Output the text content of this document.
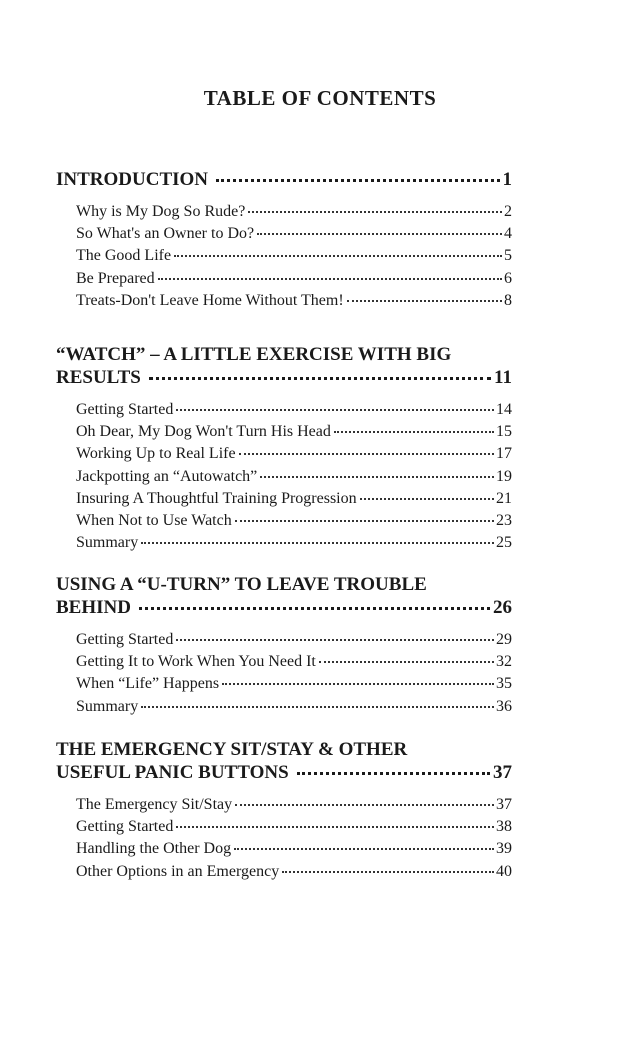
TABLE OF CONTENTS
INTRODUCTION	1
Why is My Dog So Rude?	2
So What's an Owner to Do?	4
The Good Life	5
Be Prepared	6
Treats-Don't Leave Home Without Them!	8
“WATCH” – A LITTLE EXERCISE WITH BIG
RESULTS	11
Getting Started	14
Oh Dear, My Dog Won't Turn His Head	15
Working Up to Real Life	17
Jackpotting an “Autowatch”	19
Insuring A Thoughtful Training Progression	21
When Not to Use Watch	23
Summary	25
USING A “U-TURN” TO LEAVE TROUBLE
BEHIND	26
Getting Started	29
Getting It to Work When You Need It	32
When “Life” Happens	35
Summary	36
THE EMERGENCY SIT/STAY & OTHER
USEFUL PANIC BUTTONS	37
The Emergency Sit/Stay	37
Getting Started	38
Handling the Other Dog	39
Other Options in an Emergency	40
